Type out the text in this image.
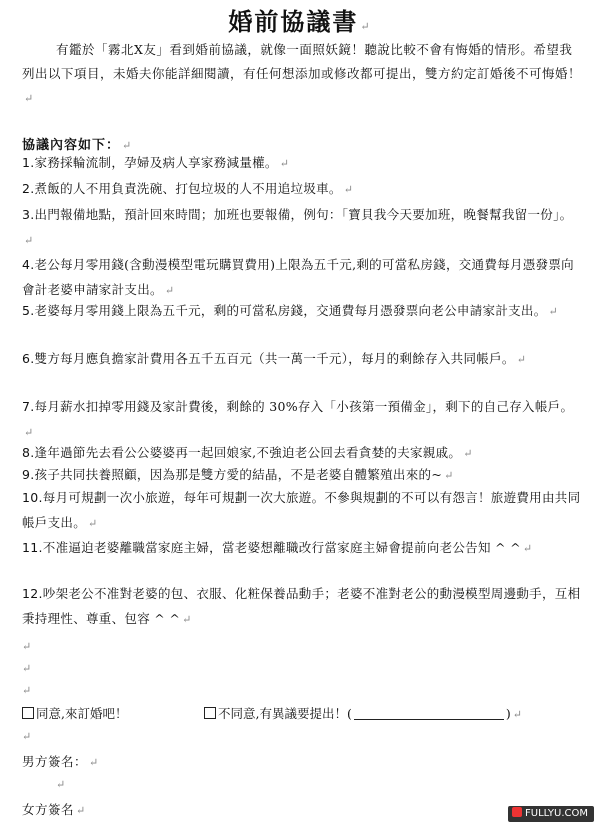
婚前協議書 ↵
有鑑於「霧北X友」看到婚前協議，就像一面照妖鏡！聽說比較不會有悔婚的情形。希望我列出以下項目，未婚夫你能詳細閱讀，有任何想添加或修改都可提出，雙方約定訂婚後不可悔婚！↵
協議內容如下： ↵
1.家務採輪流制，孕婦及病人享家務減量權。 ↵
2.煮飯的人不用負責洗碗、打包垃圾的人不用追垃圾車。 ↵
3.出門報備地點，預計回來時間；加班也要報備，例句：「寶貝我今天要加班，晚餐幫我留一份」。↵
4.老公每月零用錢(含動漫模型電玩購買費用)上限為五千元,剩的可當私房錢，交通費每月憑發票向會計老婆申請家計支出。 ↵
5.老婆每月零用錢上限為五千元，剩的可當私房錢，交通費每月憑發票向老公申請家計支出。 ↵
6.雙方每月應負擔家計費用各五千五百元（共一萬一千元），每月的剩餘存入共同帳戶。 ↵
7.每月薪水扣掉零用錢及家計費後，剩餘的 30%存入「小孩第一預備金」，剩下的自己存入帳戶。↵
8.逢年過節先去看公公婆婆再一起回娘家,不強迫老公回去看貪婪的夫家親戚。 ↵
9.孩子共同扶養照顧，因為那是雙方愛的結晶，不是老婆自體繁殖出來的~ ↵
10.每月可規劃一次小旅遊，每年可規劃一次大旅遊。不參與規劃的不可以有怨言！旅遊費用由共同帳戶支出。 ↵
11.不准逼迫老婆離職當家庭主婦，當老婆想離職改行當家庭主婦會提前向老公告知 ^ ^ ↵
12.吵架老公不准對老婆的包、衣服、化粧保養品動手；老婆不准對老公的動漫模型周邊動手，互相秉持理性、尊重、包容 ^ ^ ↵
↵
↵
↵
同意,來訂婚吧！	不同意,有異議要提出！(	) ↵
↵
男方簽名： ↵
↵
女方簽名 ↵	FULLYU.COM
